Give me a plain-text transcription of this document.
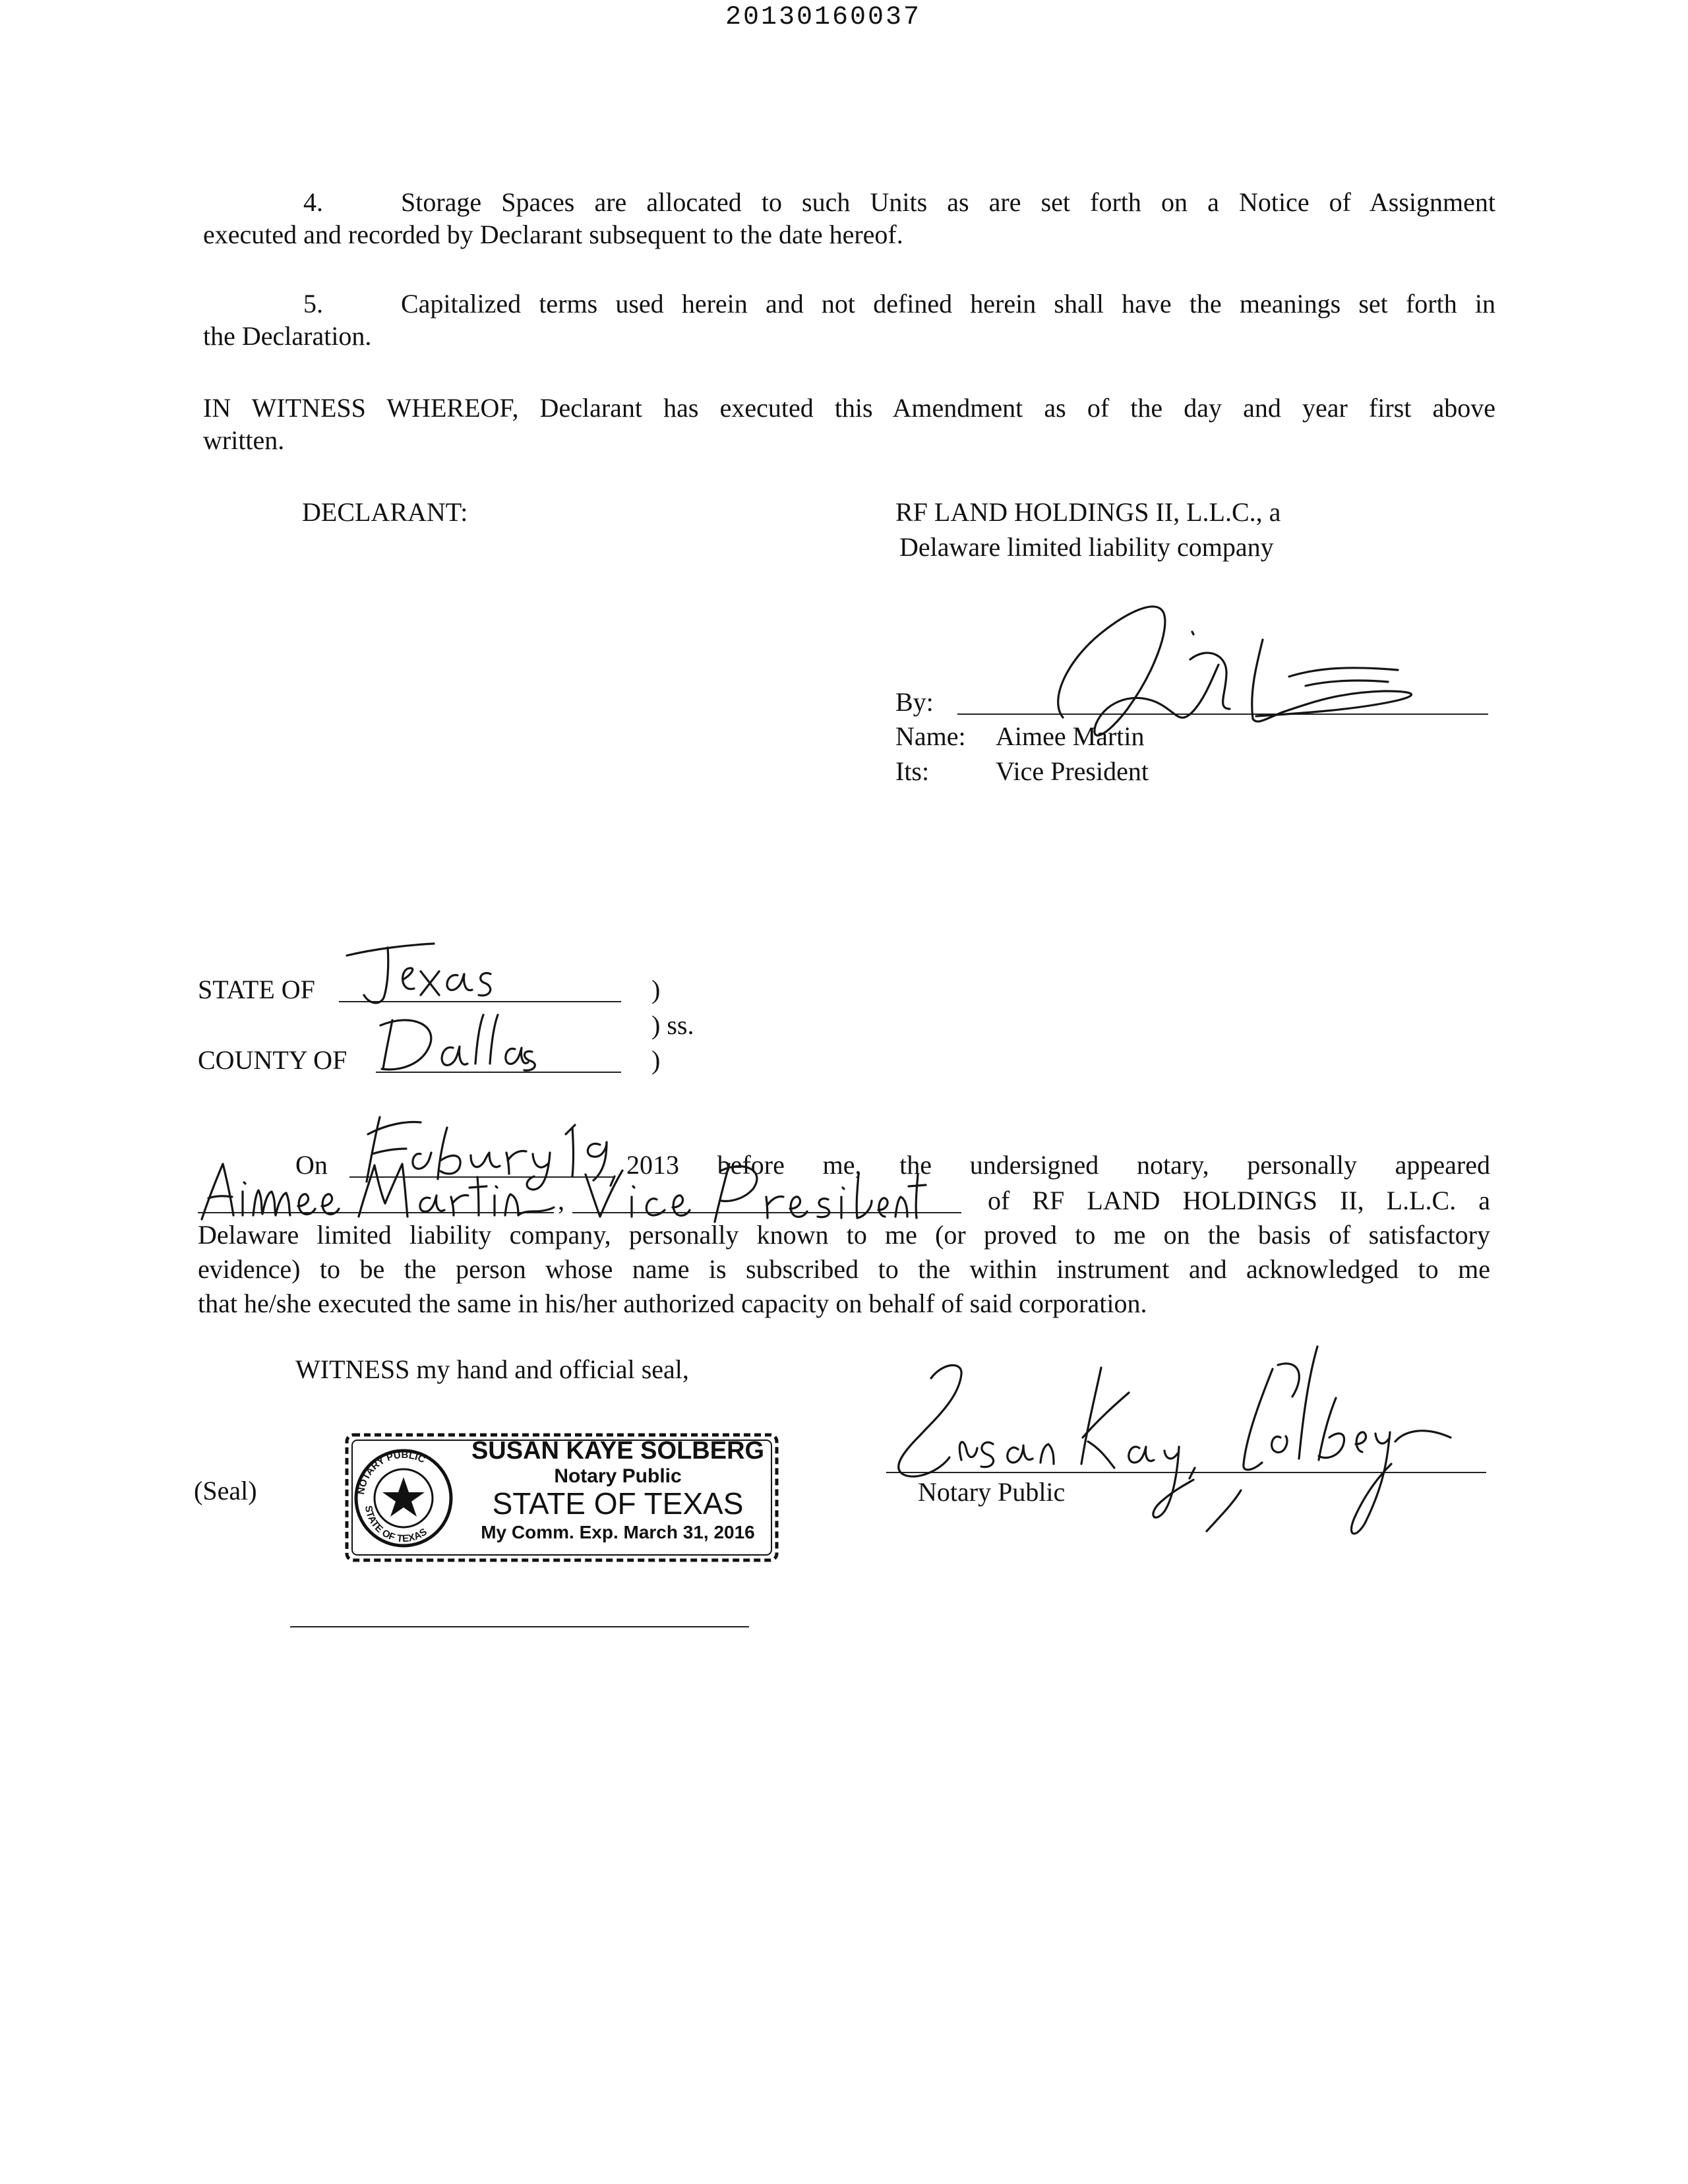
20130160037
4.	Storage Spaces are allocated to such Units as are set forth on a Notice of Assignment
executed and recorded by Declarant subsequent to the date hereof.
5.	Capitalized terms used herein and not defined herein shall have the meanings set forth in
the Declaration.
IN WITNESS WHEREOF, Declarant has executed this Amendment as of the day and year first above
written.
DECLARANT:	RF LAND HOLDINGS II, L.L.C., a
Delaware limited liability company
By:
Name: Aimee Martin
Its:	Vice President
STATE OF	)
) ss.
COUNTY OF	)
On	2013 before me, the undersigned notary, personally appeared
,	of RF LAND HOLDINGS II, L.L.C. a
Delaware limited liability company, personally known to me (or proved to me on the basis of satisfactory
evidence) to be the person whose name is subscribed to the within instrument and acknowledged to me
that he/she executed the same in his/her authorized capacity on behalf of said corporation.
WITNESS my hand and official seal,
(Seal)	NOTARY PUBLIC
STATE OF TEXAS
SUSAN KAYE SOLBERG
Notary Public
STATE OF TEXAS
My Comm. Exp. March 31, 2016
Notary Public
